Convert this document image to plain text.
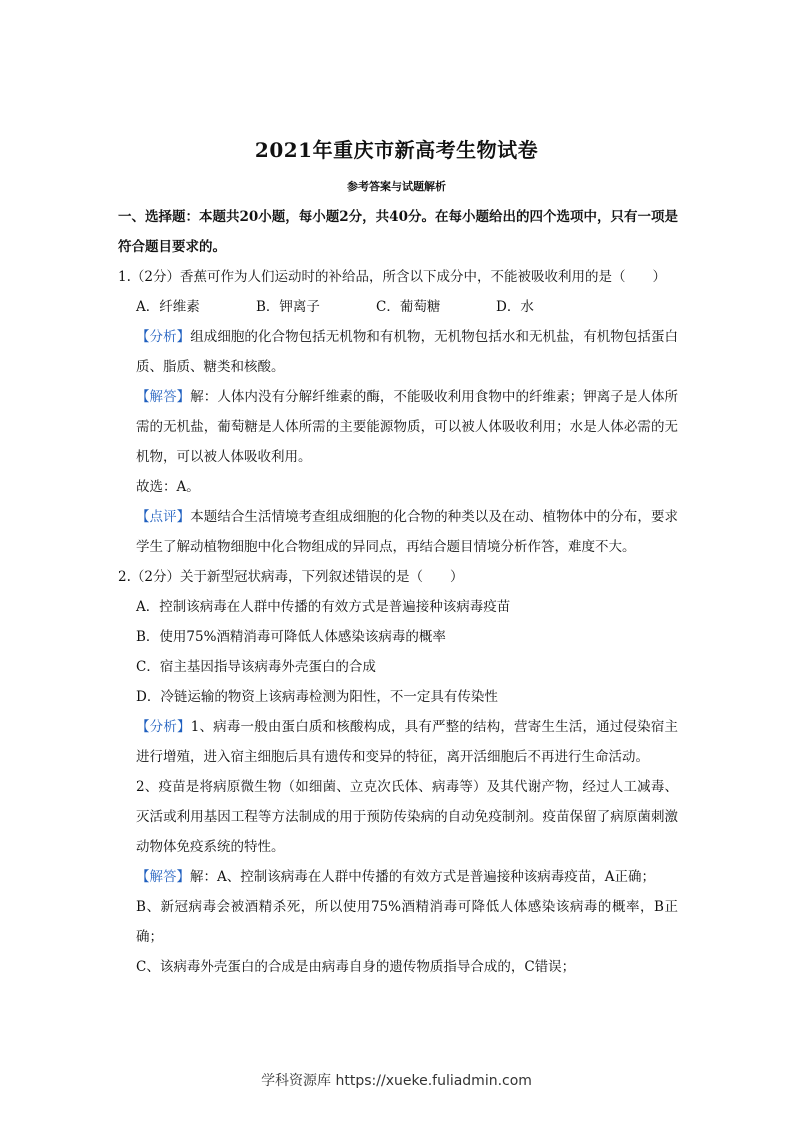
2021年重庆市新高考生物试卷
参考答案与试题解析
一、选择题：本题共20小题，每小题2分，共40分。在每小题给出的四个选项中，只有一项是符合题目要求的。
1.（2分）香蕉可作为人们运动时的补给品，所含以下成分中，不能被吸收利用的是（　　）
A．纤维素	B．钾离子	C．葡萄糖	D．水
【分析】组成细胞的化合物包括无机物和有机物，无机物包括水和无机盐，有机物包括蛋白质、脂质、糖类和核酸。
【解答】解：人体内没有分解纤维素的酶，不能吸收利用食物中的纤维素；钾离子是人体所需的无机盐，葡萄糖是人体所需的主要能源物质，可以被人体吸收利用；水是人体必需的无机物，可以被人体吸收利用。
故选：A。
【点评】本题结合生活情境考查组成细胞的化合物的种类以及在动、植物体中的分布，要求学生了解动植物细胞中化合物组成的异同点，再结合题目情境分析作答，难度不大。
2.（2分）关于新型冠状病毒，下列叙述错误的是（　　）
A．控制该病毒在人群中传播的有效方式是普遍接种该病毒疫苗
B．使用75%酒精消毒可降低人体感染该病毒的概率
C．宿主基因指导该病毒外壳蛋白的合成
D．冷链运输的物资上该病毒检测为阳性，不一定具有传染性
【分析】1、病毒一般由蛋白质和核酸构成，具有严整的结构，营寄生生活，通过侵染宿主进行增殖，进入宿主细胞后具有遗传和变异的特征，离开活细胞后不再进行生命活动。
2、疫苗是将病原微生物（如细菌、立克次氏体、病毒等）及其代谢产物，经过人工减毒、灭活或利用基因工程等方法制成的用于预防传染病的自动免疫制剂。疫苗保留了病原菌刺激动物体免疫系统的特性。
【解答】解：A、控制该病毒在人群中传播的有效方式是普遍接种该病毒疫苗，A正确；
B、新冠病毒会被酒精杀死，所以使用75%酒精消毒可降低人体感染该病毒的概率，B正确；
C、该病毒外壳蛋白的合成是由病毒自身的遗传物质指导合成的，C错误；
学科资源库 https://xueke.fuliadmin.com
